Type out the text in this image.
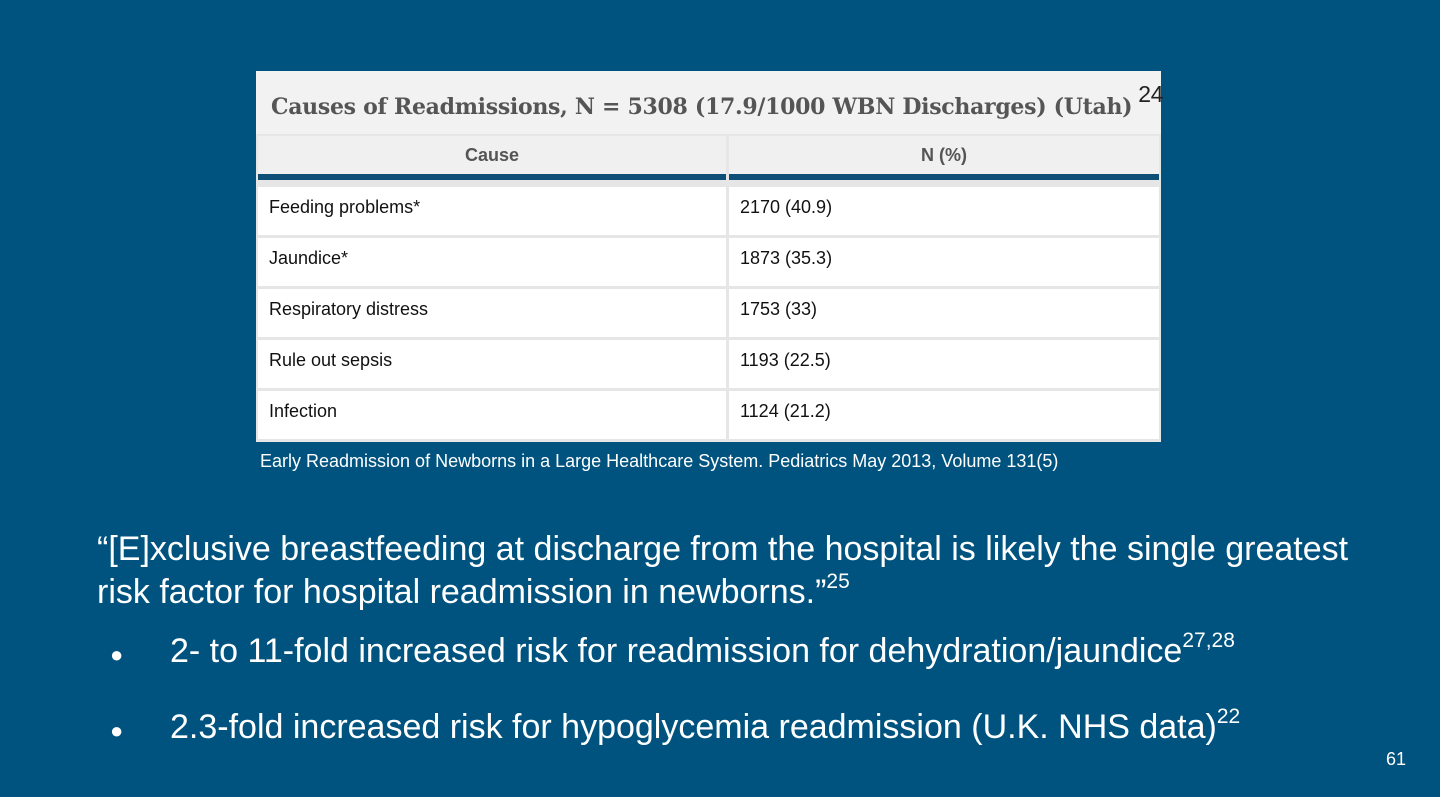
Causes of Readmissions, N = 5308 (17.9/1000 WBN Discharges) (Utah) 24
Cause	N (%)
Feeding problems*	2170 (40.9)
Jaundice*	1873 (35.3)
Respiratory distress	1753 (33)
Rule out sepsis	1193 (22.5)
Infection	1124 (21.2)
Early Readmission of Newborns in a Large Healthcare System. Pediatrics May 2013, Volume 131(5)
“[E]xclusive breastfeeding at discharge from the hospital is likely the single greatest risk factor for hospital readmission in newborns.”$^{25}$
●	2- to 11-fold increased risk for readmission for dehydration/jaundice$^{27,28}$
●	2.3-fold increased risk for hypoglycemia readmission (U.K. NHS data)$^{22}$
61
